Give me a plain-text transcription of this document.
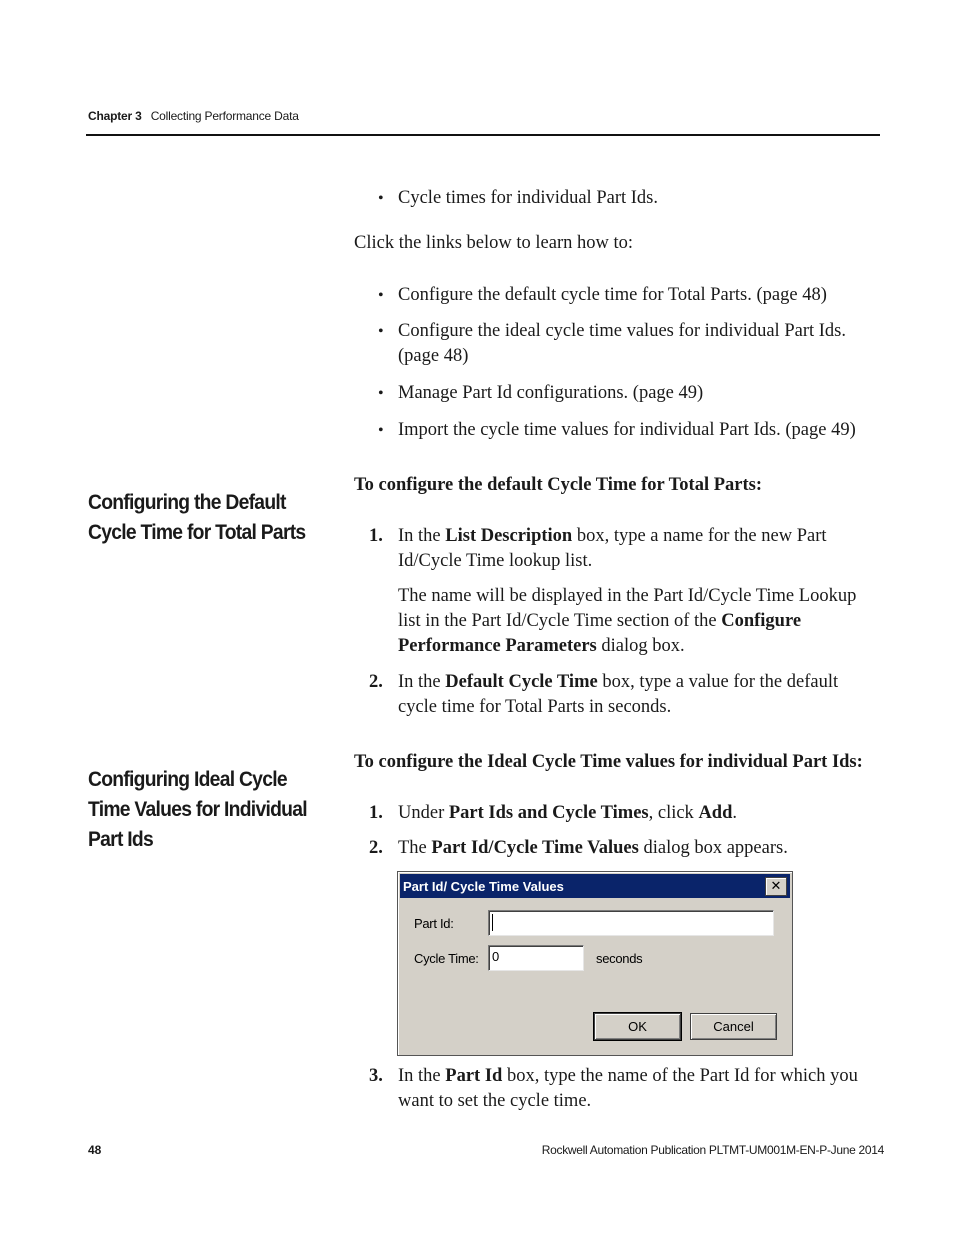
Chapter 3 Collecting Performance Data
• Cycle times for individual Part Ids.
Click the links below to learn how to:
• Configure the default cycle time for Total Parts. (page 48)
• Configure the ideal cycle time values for individual Part Ids. (page 48)
• Manage Part Id configurations. (page 49)
• Import the cycle time values for individual Part Ids. (page 49)
Configuring the Default Cycle Time for Total Parts
To configure the default Cycle Time for Total Parts:
1. In the List Description box, type a name for the new Part Id/Cycle Time lookup list.
The name will be displayed in the Part Id/Cycle Time Lookup list in the Part Id/Cycle Time section of the Configure Performance Parameters dialog box.
2. In the Default Cycle Time box, type a value for the default cycle time for Total Parts in seconds.
Configuring Ideal Cycle Time Values for Individual Part Ids
To configure the Ideal Cycle Time values for individual Part Ids:
1. Under Part Ids and Cycle Times, click Add.
2. The Part Id/Cycle Time Values dialog box appears.
Part Id/ Cycle Time Values	✕
Part Id:
Cycle Time: 0	seconds
OK	Cancel
3. In the Part Id box, type the name of the Part Id for which you want to set the cycle time.
48	Rockwell Automation Publication PLTMT-UM001M-EN-P-June 2014
